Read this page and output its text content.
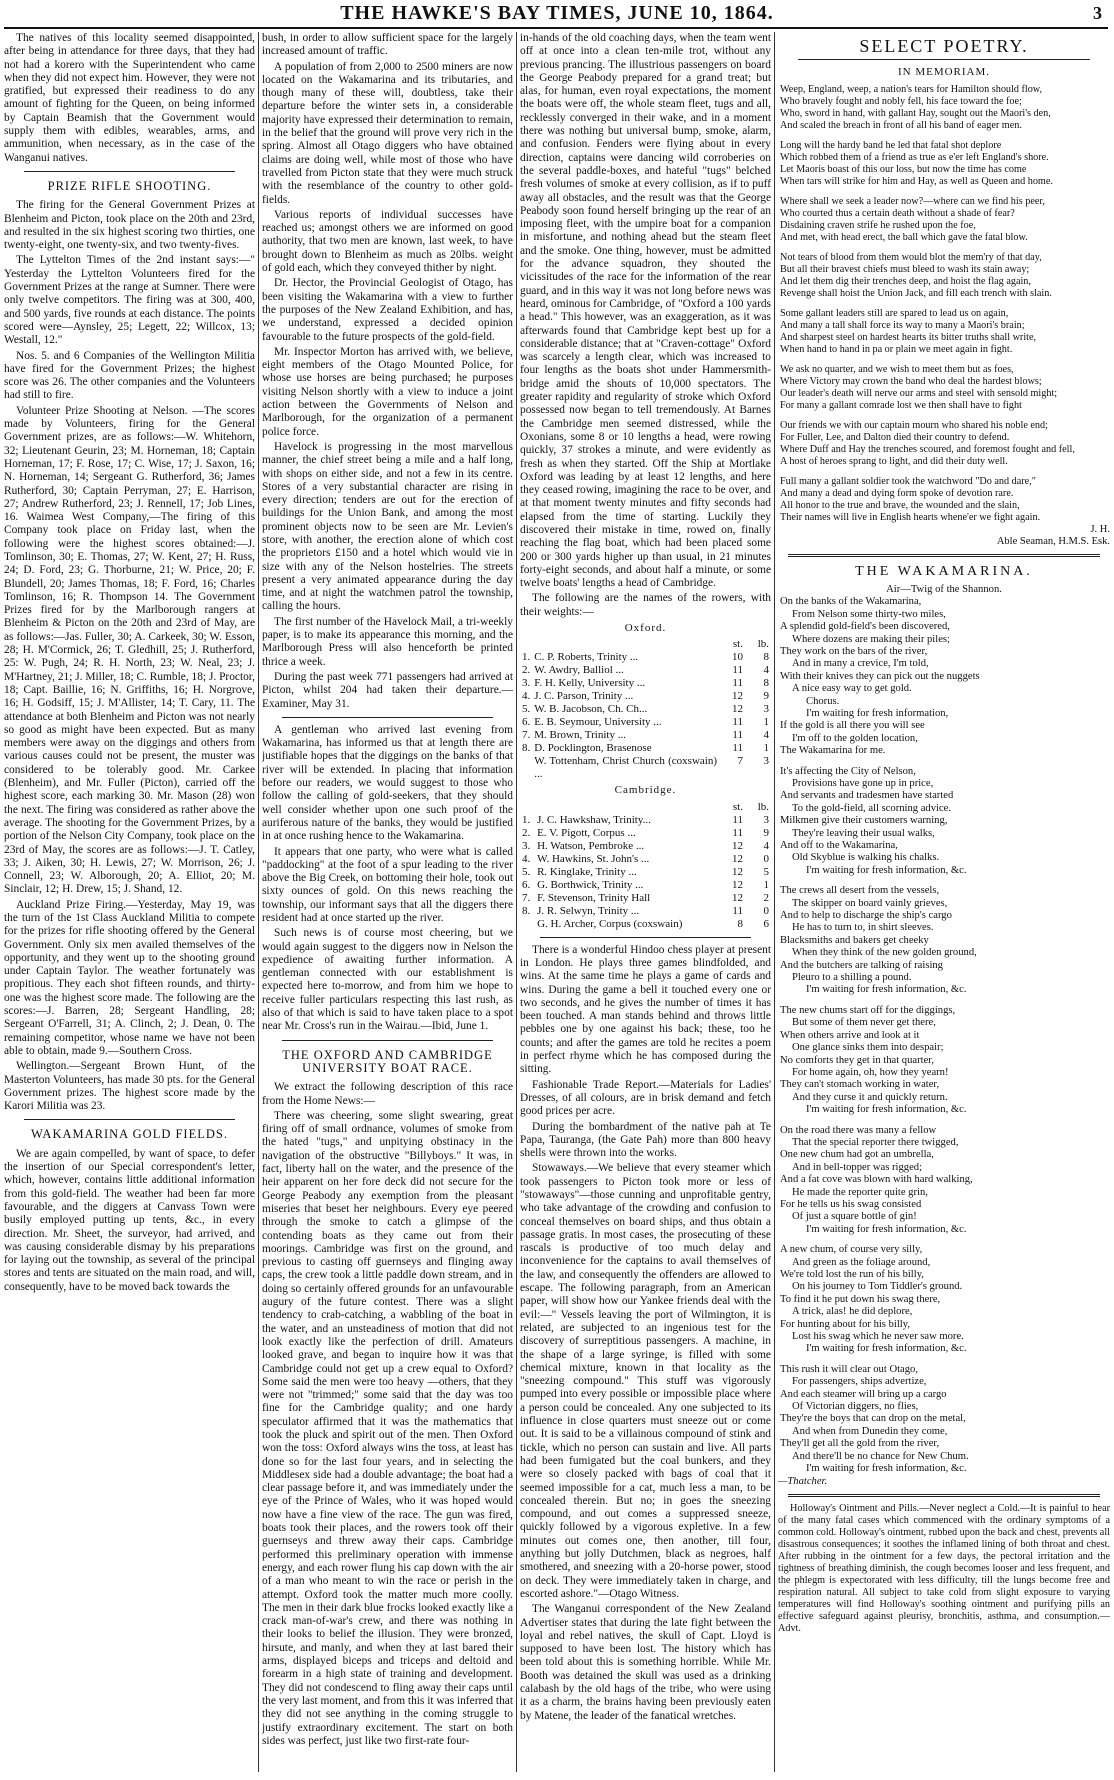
THE HAWKE'S BAY TIMES, JUNE 10, 1864.	3

The natives of this locality seemed disappointed, after being in attendance for three days, that they had not had a korero with the Superintendent who came when they did not expect him. However, they were not gratified, but expressed their readiness to do any amount of fighting for the Queen, on being informed by Captain Beamish that the Government would supply them with edibles, wearables, arms, and ammunition, when necessary, as in the case of the Wanganui natives.

PRIZE RIFLE SHOOTING.

The firing for the General Government Prizes at Blenheim and Picton, took place on the 20th and 23rd, and resulted in the six highest scoring two thirties, one twenty-eight, one twenty-six, and two twenty-fives.

The Lyttelton Times of the 2nd instant says:—" Yesterday the Lyttelton Volunteers fired for the Government Prizes at the range at Sumner. There were only twelve competitors. The firing was at 300, 400, and 500 yards, five rounds at each distance. The points scored were—Aynsley, 25; Legett, 22; Willcox, 13; Westall, 12."

Nos. 5. and 6 Companies of the Wellington Militia have fired for the Government Prizes; the highest score was 26. The other companies and the Volunteers had still to fire.

Volunteer Prize Shooting at Nelson. —The scores made by Volunteers, firing for the General Government prizes, are as follows:—W. Whitehorn, 32; Lieutenant Geurin, 23; M. Horneman, 18; Captain Horneman, 17; F. Rose, 17; C. Wise, 17; J. Saxon, 16; N. Horneman, 14; Sergeant G. Rutherford, 36; James Rutherford, 30; Captain Perryman, 27; E. Harrison, 27; Andrew Rutherford, 23; J. Rennell, 17; Job Lines, 16. Waimea West Company,—The firing of this Company took place on Friday last, when the following were the highest scores obtained:—J. Tomlinson, 30; E. Thomas, 27; W. Kent, 27; H. Russ, 24; D. Ford, 23; G. Thorburne, 21; W. Price, 20; F. Blundell, 20; James Thomas, 18; F. Ford, 16; Charles Tomlinson, 16; R. Thompson 14. The Government Prizes fired for by the Marlborough rangers at Blenheim & Picton on the 20th and 23rd of May, are as follows:—Jas. Fuller, 30; A. Carkeek, 30; W. Esson, 28; H. M'Cormick, 26; T. Gledhill, 25; J. Rutherford, 25: W. Pugh, 24; R. H. North, 23; W. Neal, 23; J. M'Hartney, 21; J. Miller, 18; C. Rumble, 18; J. Proctor, 18; Capt. Baillie, 16; N. Griffiths, 16; H. Norgrove, 16; H. Godsiff, 15; J. M'Allister, 14; T. Cary, 11. The attendance at both Blenheim and Picton was not nearly so good as might have been expected. But as many members were away on the diggings and others from various causes could not be present, the muster was considered to be tolerably good. Mr. Carkee (Blenheim), and Mr. Fuller (Picton), carried off the highest score, each marking 30. Mr. Mason (28) won the next. The firing was considered as rather above the average. The shooting for the Government Prizes, by a portion of the Nelson City Company, took place on the 23rd of May, the scores are as follows:—J. T. Catley, 33; J. Aiken, 30; H. Lewis, 27; W. Morrison, 26; J. Connell, 23; W. Alborough, 20; A. Elliot, 20; M. Sinclair, 12; H. Drew, 15; J. Shand, 12.

Auckland Prize Firing.—Yesterday, May 19, was the turn of the 1st Class Auckland Militia to compete for the prizes for rifle shooting offered by the General Government. Only six men availed themselves of the opportunity, and they went up to the shooting ground under Captain Taylor. The weather fortunately was propitious. They each shot fifteen rounds, and thirty-one was the highest score made. The following are the scores:—J. Barren, 28; Sergeant Handling, 28; Sergeant O'Farrell, 31; A. Clinch, 2; J. Dean, 0. The remaining competitor, whose name we have not been able to obtain, made 9.—Southern Cross.

Wellington.—Sergeant Brown Hunt, of the Masterton Volunteers, has made 30 pts. for the General Government prizes. The highest score made by the Karori Militia was 23.

WAKAMARINA GOLD FIELDS.

We are again compelled, by want of space, to defer the insertion of our Special correspondent's letter, which, however, contains little additional information from this gold-field. The weather had been far more favourable, and the diggers at Canvass Town were busily employed putting up tents, &c., in every direction. Mr. Sheet, the surveyor, had arrived, and was causing considerable dismay by his preparations for laying out the township, as several of the principal stores and tents are situated on the main road, and will, consequently, have to be moved back towards the

bush, in order to allow sufficient space for the largely increased amount of traffic.

A population of from 2,000 to 2500 miners are now located on the Wakamarina and its tributaries, and though many of these will, doubtless, take their departure before the winter sets in, a considerable majority have expressed their determination to remain, in the belief that the ground will prove very rich in the spring. Almost all Otago diggers who have obtained claims are doing well, while most of those who have travelled from Picton state that they were much struck with the resemblance of the country to other gold-fields.

Various reports of individual successes have reached us; amongst others we are informed on good authority, that two men are known, last week, to have brought down to Blenheim as much as 20lbs. weight of gold each, which they conveyed thither by night.

Dr. Hector, the Provincial Geologist of Otago, has been visiting the Wakamarina with a view to further the purposes of the New Zealand Exhibition, and has, we understand, expressed a decided opinion favourable to the future prospects of the gold-field.

Mr. Inspector Morton has arrived with, we believe, eight members of the Otago Mounted Police, for whose use horses are being purchased; he purposes visiting Nelson shortly with a view to induce a joint action between the Governments of Nelson and Marlborough, for the organization of a permanent police force.

Havelock is progressing in the most marvellous manner, the chief street being a mile and a half long, with shops on either side, and not a few in its centre. Stores of a very substantial character are rising in every direction; tenders are out for the erection of buildings for the Union Bank, and among the most prominent objects now to be seen are Mr. Levien's store, with another, the erection alone of which cost the proprietors £150 and a hotel which would vie in size with any of the Nelson hostelries. The streets present a very animated appearance during the day time, and at night the watchmen patrol the township, calling the hours.

The first number of the Havelock Mail, a tri-weekly paper, is to make its appearance this morning, and the Marlborough Press will also henceforth be printed thrice a week.

During the past week 771 passengers had arrived at Picton, whilst 204 had taken their departure.—Examiner, May 31.

A gentleman who arrived last evening from Wakamarina, has informed us that at length there are justifiable hopes that the diggings on the banks of that river will be extended. In placing that information before our readers, we would suggest to those who follow the calling of gold-seekers, that they should well consider whether upon one such proof of the auriferous nature of the banks, they would be justified in at once rushing hence to the Wakamarina.

It appears that one party, who were what is called "paddocking" at the foot of a spur leading to the river above the Big Creek, on bottoming their hole, took out sixty ounces of gold. On this news reaching the township, our informant says that all the diggers there resident had at once started up the river.

Such news is of course most cheering, but we would again suggest to the diggers now in Nelson the expedience of awaiting further information. A gentleman connected with our establishment is expected here to-morrow, and from him we hope to receive fuller particulars respecting this last rush, as also of that which is said to have taken place to a spot near Mr. Cross's run in the Wairau.—Ibid, June 1.

THE OXFORD AND CAMBRIDGE UNIVERSITY BOAT RACE.

We extract the following description of this race from the Home News:—

There was cheering, some slight swearing, great firing off of small ordnance, volumes of smoke from the hated "tugs," and unpitying obstinacy in the navigation of the obstructive "Billyboys." It was, in fact, liberty hall on the water, and the presence of the heir apparent on her fore deck did not secure for the George Peabody any exemption from the pleasant miseries that beset her neighbours. Every eye peered through the smoke to catch a glimpse of the contending boats as they came out from their moorings. Cambridge was first on the ground, and previous to casting off guernseys and flinging away caps, the crew took a little paddle down stream, and in doing so certainly offered grounds for an unfavourable augury of the future contest. There was a slight tendency to crab-catching, a wabbling of the boat in the water, and an unsteadiness of motion that did not look exactly like the perfection of drill. Amateurs looked grave, and began to inquire how it was that Cambridge could not get up a crew equal to Oxford? Some said the men were too heavy —others, that they were not "trimmed;" some said that the day was too fine for the Cambridge quality; and one hardy speculator affirmed that it was the mathematics that took the pluck and spirit out of the men. Then Oxford won the toss: Oxford always wins the toss, at least has done so for the last four years, and in selecting the Middlesex side had a double advantage; the boat had a clear passage before it, and was immediately under the eye of the Prince of Wales, who it was hoped would now have a fine view of the race. The gun was fired, boats took their places, and the rowers took off their guernseys and threw away their caps. Cambridge performed this preliminary operation with immense energy, and each rower flung his cap down with the air of a man who meant to win the race or perish in the attempt. Oxford took the matter much more coolly. The men in their dark blue frocks looked exactly like a crack man-of-war's crew, and there was nothing in their looks to belief the illusion. They were bronzed, hirsute, and manly, and when they at last bared their arms, displayed biceps and triceps and deltoid and forearm in a high state of training and development. They did not condescend to fling away their caps until the very last moment, and from this it was inferred that they did not see anything in the coming struggle to justify extraordinary excitement. The start on both sides was perfect, just like two first-rate four-

in-hands of the old coaching days, when the team went off at once into a clean ten-mile trot, without any previous prancing. The illustrious passengers on board the George Peabody prepared for a grand treat; but alas, for human, even royal expectations, the moment the boats were off, the whole steam fleet, tugs and all, recklessly converged in their wake, and in a moment there was nothing but universal bump, smoke, alarm, and confusion. Fenders were flying about in every direction, captains were dancing wild corroberies on the several paddle-boxes, and hateful "tugs" belched fresh volumes of smoke at every collision, as if to puff away all obstacles, and the result was that the George Peabody soon found herself bringing up the rear of an imposing fleet, with the umpire boat for a companion in misfortune, and nothing ahead but the steam fleet and the smoke. One thing, however, must be admitted for the advance squadron, they shouted the vicissitudes of the race for the information of the rear guard, and in this way it was not long before news was heard, ominous for Cambridge, of "Oxford a 100 yards a head." This however, was an exaggeration, as it was afterwards found that Cambridge kept best up for a considerable distance; that at "Craven-cottage" Oxford was scarcely a length clear, which was increased to four lengths as the boats shot under Hammersmith-bridge amid the shouts of 10,000 spectators. The greater rapidity and regularity of stroke which Oxford possessed now began to tell tremendously. At Barnes the Cambridge men seemed distressed, while the Oxonians, some 8 or 10 lengths a head, were rowing quickly, 37 strokes a minute, and were evidently as fresh as when they started. Off the Ship at Mortlake Oxford was leading by at least 12 lengths, and here they ceased rowing, imagining the race to be over, and at that moment twenty minutes and fifty seconds had elapsed from the time of starting. Luckily they discovered their mistake in time, rowed on, finally reaching the flag boat, which had been placed some 200 or 300 yards higher up than usual, in 21 minutes forty-eight seconds, and about half a minute, or some twelve boats' lengths a head of Cambridge.

The following are the names of the rowers, with their weights:—

Oxford.
		st.	lb.
1.	C. P. Roberts, Trinity ...	10	8
2.	W. Awdry, Balliol ...	11	4
3.	F. H. Kelly, University ...	11	8
4.	J. C. Parson, Trinity ...	12	9
5.	W. B. Jacobson, Ch. Ch...	12	3
6.	E. B. Seymour, University ...	11	1
7.	M. Brown, Trinity ...	11	4
8.	D. Pocklington, Brasenose	11	1
	W. Tottenham, Christ Church (coxswain) ...	7	3
Cambridge.
		st.	lb.
1.	J. C. Hawkshaw, Trinity...	11	3
2.	E. V. Pigott, Corpus ...	11	9
3.	H. Watson, Pembroke ...	12	4
4.	W. Hawkins, St. John's ...	12	0
5.	R. Kinglake, Trinity ...	12	5
6.	G. Borthwick, Trinity ...	12	1
7.	F. Stevenson, Trinity Hall	12	2
8.	J. R. Selwyn, Trinity ...	11	0
	G. H. Archer, Corpus (coxswain)	8	6

There is a wonderful Hindoo chess player at present in London. He plays three games blindfolded, and wins. At the same time he plays a game of cards and wins. During the game a bell it touched every one or two seconds, and he gives the number of times it has been touched. A man stands behind and throws little pebbles one by one against his back; these, too he counts; and after the games are told he recites a poem in perfect rhyme which he has composed during the sitting.

Fashionable Trade Report.—Materials for Ladies' Dresses, of all colours, are in brisk demand and fetch good prices per acre.

During the bombardment of the native pah at Te Papa, Tauranga, (the Gate Pah) more than 800 heavy shells were thrown into the works.

Stowaways.—We believe that every steamer which took passengers to Picton took more or less of "stowaways"—those cunning and unprofitable gentry, who take advantage of the crowding and confusion to conceal themselves on board ships, and thus obtain a passage gratis. In most cases, the prosecuting of these rascals is productive of too much delay and inconvenience for the captains to avail themselves of the law, and consequently the offenders are allowed to escape. The following paragraph, from an American paper, will show how our Yankee friends deal with the evil:—" Vessels leaving the port of Wilmington, it is related, are subjected to an ingenious test for the discovery of surreptitious passengers. A machine, in the shape of a large syringe, is filled with some chemical mixture, known in that locality as the "sneezing compound." This stuff was vigorously pumped into every possible or impossible place where a person could be concealed. Any one subjected to its influence in close quarters must sneeze out or come out. It is said to be a villainous compound of stink and tickle, which no person can sustain and live. All parts had been fumigated but the coal bunkers, and they were so closely packed with bags of coal that it seemed impossible for a cat, much less a man, to be concealed therein. But no; in goes the sneezing compound, and out comes a suppressed sneeze, quickly followed by a vigorous expletive. In a few minutes out comes one, then another, till four, anything but jolly Dutchmen, black as negroes, half smothered, and sneezing with a 20-horse power, stood on deck. They were immediately taken in charge, and escorted ashore."—Otago Witness.

The Wanganui correspondent of the New Zealand Advertiser states that during the late fight between the loyal and rebel natives, the skull of Capt. Lloyd is supposed to have been lost. The history which has been told about this is something horrible. While Mr. Booth was detained the skull was used as a drinking calabash by the old hags of the tribe, who were using it as a charm, the brains having been previously eaten by Matene, the leader of the fanatical wretches.

SELECT POETRY.
IN MEMORIAM.
Weep, England, weep, a nation's tears for Hamilton should flow,
Who bravely fought and nobly fell, his face toward the foe;
Who, sword in hand, with gallant Hay, sought out the Maori's den,
And scaled the breach in front of all his band of eager men.
Long will the hardy band he led that fatal shot deplore
Which robbed them of a friend as true as e'er left England's shore.
Let Maoris boast of this our loss, but now the time has come
When tars will strike for him and Hay, as well as Queen and home.
Where shall we seek a leader now?—where can we find his peer,
Who courted thus a certain death without a shade of fear?
Disdaining craven strife he rushed upon the foe,
And met, with head erect, the ball which gave the fatal blow.
Not tears of blood from them would blot the mem'ry of that day,
But all their bravest chiefs must bleed to wash its stain away;
And let them dig their trenches deep, and hoist the flag again,
Revenge shall hoist the Union Jack, and fill each trench with slain.
Some gallant leaders still are spared to lead us on again,
And many a tall shall force its way to many a Maori's brain;
And sharpest steel on hardest hearts its bitter truths shall write,
When hand to hand in pa or plain we meet again in fight.
We ask no quarter, and we wish to meet them but as foes,
Where Victory may crown the band who deal the hardest blows;
Our leader's death will nerve our arms and steel with sensold might;
For many a gallant comrade lost we then shall have to fight
Our friends we with our captain mourn who shared his noble end;
For Fuller, Lee, and Dalton died their country to defend.
Where Duff and Hay the trenches scoured, and foremost fought and fell,
A host of heroes sprang to light, and did their duty well.
Full many a gallant soldier took the watchword "Do and dare,"
And many a dead and dying form spoke of devotion rare.
All honor to the true and brave, the wounded and the slain,
Their names will live in English hearts whene'er we fight again.
J. H.
Able Seaman, H.M.S. Esk.
THE WAKAMARINA.
Air—Twig of the Shannon.
On the banks of the Wakamarina,
From Nelson some thirty-two miles,
A splendid gold-field's been discovered,
Where dozens are making their piles;
They work on the bars of the river,
And in many a crevice, I'm told,
With their knives they can pick out the nuggets
A nice easy way to get gold.
Chorus.
I'm waiting for fresh information,
If the gold is all there you will see
I'm off to the golden location,
The Wakamarina for me.
It's affecting the City of Nelson,
Provisions have gone up in price,
And servants and tradesmen have started
To the gold-field, all scorning advice.
Milkmen give their customers warning,
They're leaving their usual walks,
And off to the Wakamarina,
Old Skyblue is walking his chalks.
I'm waiting for fresh information, &c.
The crews all desert from the vessels,
The skipper on board vainly grieves,
And to help to discharge the ship's cargo
He has to turn to, in shirt sleeves.
Blacksmiths and bakers get cheeky
When they think of the new golden ground,
And the butchers are talking of raising
Pleuro to a shilling a pound.
I'm waiting for fresh information, &c.
The new chums start off for the diggings,
But some of them never get there,
When others arrive and look at it
One glance sinks them into despair;
No comforts they get in that quarter,
For home again, oh, how they yearn!
They can't stomach working in water,
And they curse it and quickly return.
I'm waiting for fresh information, &c.
On the road there was many a fellow
That the special reporter there twigged,
One new chum had got an umbrella,
And in bell-topper was rigged;
And a fat cove was blown with hard walking,
He made the reporter quite grin,
For he tells us his swag consisted
Of just a square bottle of gin!
I'm waiting for fresh information, &c.
A new chum, of course very silly,
And green as the foliage around,
We're told lost the run of his billy,
On his journey to Tom Tiddler's ground.
To find it he put down his swag there,
A trick, alas! he did deplore,
For hunting about for his billy,
Lost his swag which he never saw more.
I'm waiting for fresh information, &c.
This rush it will clear out Otago,
For passengers, ships advertize,
And each steamer will bring up a cargo
Of Victorian diggers, no flies,
They're the boys that can drop on the metal,
And when from Dunedin they come,
They'll get all the gold from the river,
And there'll be no chance for New Chum.
I'm waiting for fresh information, &c.
—Thatcher.

Holloway's Ointment and Pills.—Never neglect a Cold.—It is painful to hear of the many fatal cases which commenced with the ordinary symptoms of a common cold. Holloway's ointment, rubbed upon the back and chest, prevents all disastrous consequences; it soothes the inflamed lining of both throat and chest. After rubbing in the ointment for a few days, the pectoral irritation and the tightness of breathing diminish, the cough becomes looser and less frequent, and the phlegm is expectorated with less difficulty, till the lungs become free and respiration natural. All subject to take cold from slight exposure to varying temperatures will find Holloway's soothing ointment and purifying pills an effective safeguard against pleurisy, bronchitis, asthma, and consumption.—Advt.
